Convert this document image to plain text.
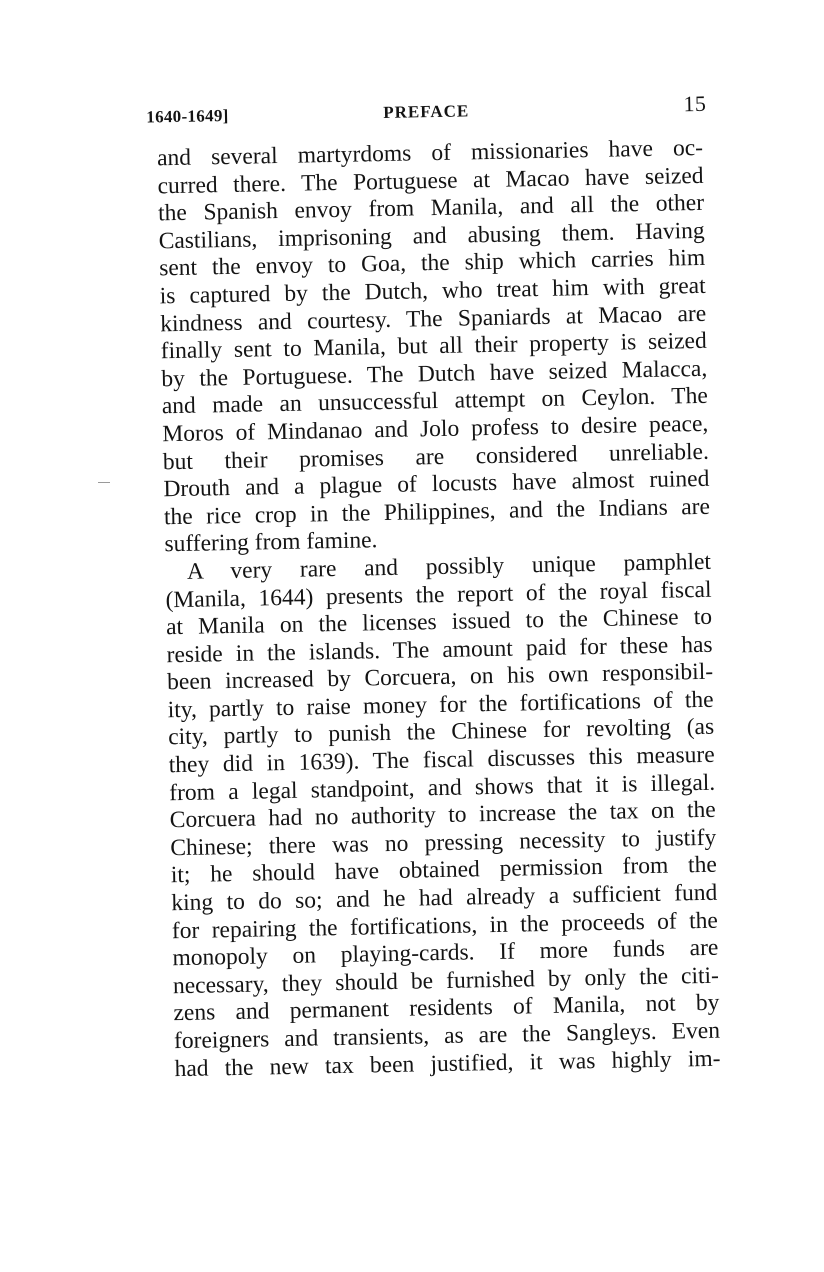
1640-1649]	PREFACE	15
and several martyrdoms of missionaries have oc-
curred there. The Portuguese at Macao have seized
the Spanish envoy from Manila, and all the other
Castilians, imprisoning and abusing them. Having
sent the envoy to Goa, the ship which carries him
is captured by the Dutch, who treat him with great
kindness and courtesy. The Spaniards at Macao are
finally sent to Manila, but all their property is seized
by the Portuguese. The Dutch have seized Malacca,
and made an unsuccessful attempt on Ceylon. The
Moros of Mindanao and Jolo profess to desire peace,
but their promises are considered unreliable.
Drouth and a plague of locusts have almost ruined
the rice crop in the Philippines, and the Indians are
suffering from famine.
A very rare and possibly unique pamphlet
(Manila, 1644) presents the report of the royal fiscal
at Manila on the licenses issued to the Chinese to
reside in the islands. The amount paid for these has
been increased by Corcuera, on his own responsibil-
ity, partly to raise money for the fortifications of the
city, partly to punish the Chinese for revolting (as
they did in 1639). The fiscal discusses this measure
from a legal standpoint, and shows that it is illegal.
Corcuera had no authority to increase the tax on the
Chinese; there was no pressing necessity to justify
it; he should have obtained permission from the
king to do so; and he had already a sufficient fund
for repairing the fortifications, in the proceeds of the
monopoly on playing-cards. If more funds are
necessary, they should be furnished by only the citi-
zens and permanent residents of Manila, not by
foreigners and transients, as are the Sangleys. Even
had the new tax been justified, it was highly im-
